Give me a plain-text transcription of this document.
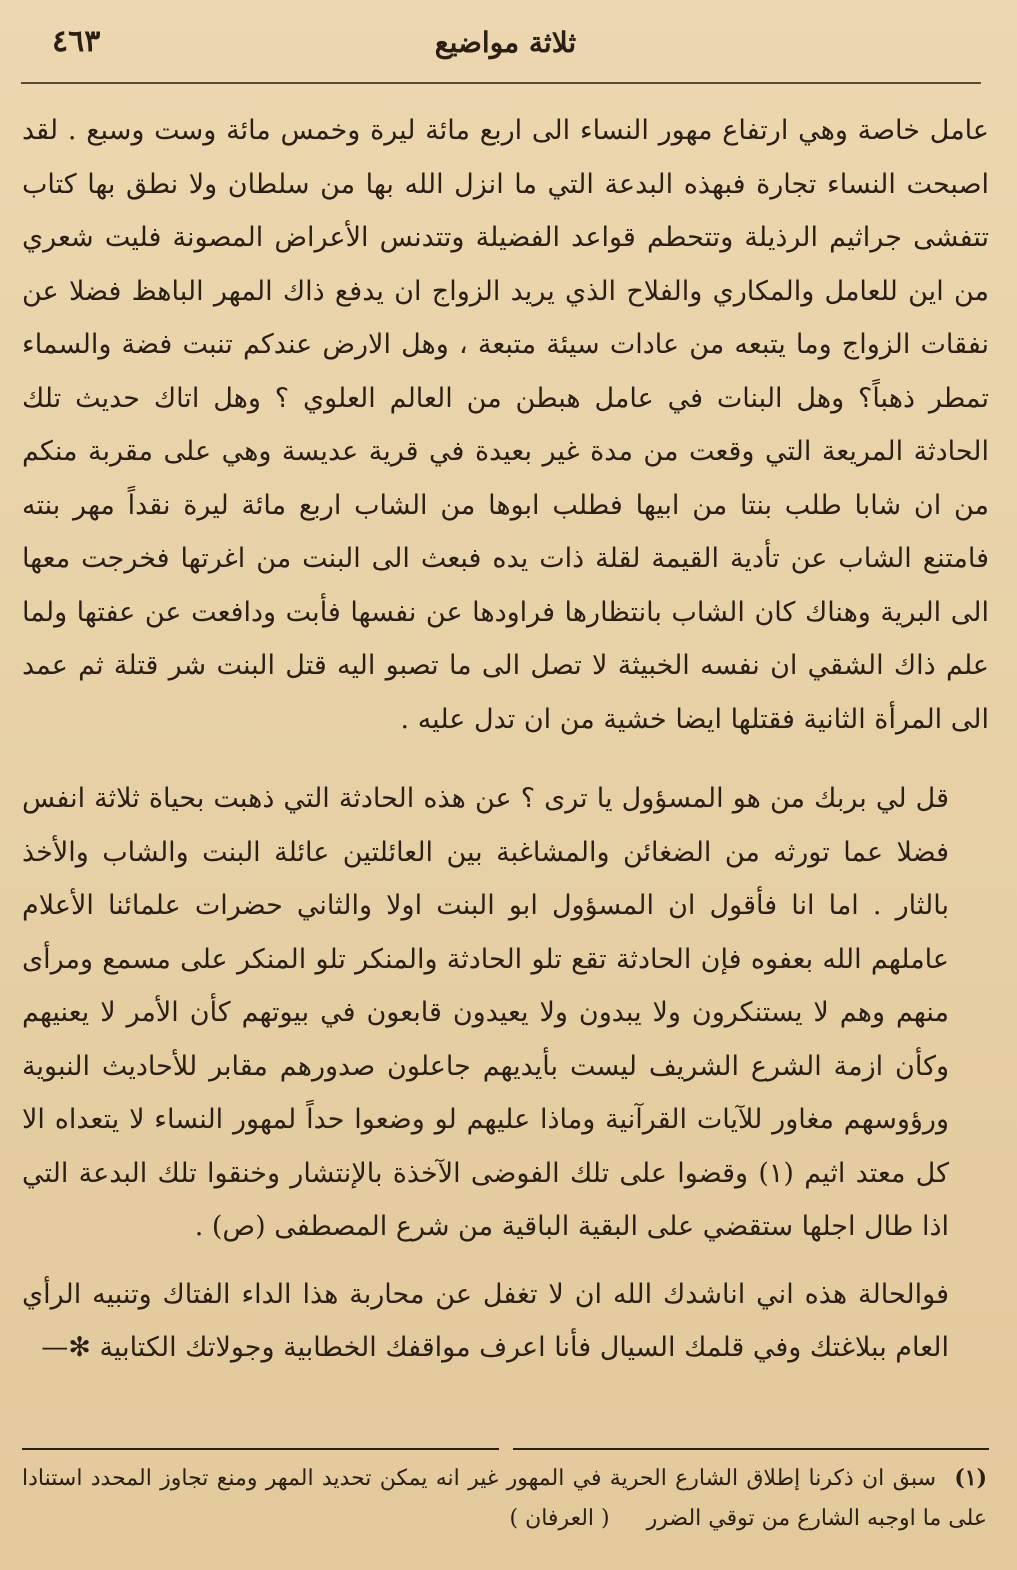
ثلاثة مواضيع
٤٦٣

عامل خاصة وهي ارتفاع مهور النساء الى اربع مائة ليرة وخمس مائة وست وسبع . لقد اصبحت النساء تجارة فبهذه البدعة التي ما انزل الله بها من سلطان ولا نطق بها كتاب تتفشى جراثيم الرذيلة وتتحطم قواعد الفضيلة وتتدنس الأعراض المصونة فليت شعري من اين للعامل والمكاري والفلاح الذي يريد الزواج ان يدفع ذاك المهر الباهظ فضلا عن نفقات الزواج وما يتبعه من عادات سيئة متبعة ، وهل الارض عندكم تنبت فضة والسماء تمطر ذهباً؟ وهل البنات في عامل هبطن من العالم العلوي ؟ وهل اتاك حديث تلك الحادثة المريعة التي وقعت من مدة غير بعيدة في قرية عديسة وهي على مقربة منكم من ان شابا طلب بنتا من ابيها فطلب ابوها من الشاب اربع مائة ليرة نقداً مهر بنته فامتنع الشاب عن تأدية القيمة لقلة ذات يده فبعث الى البنت من اغرتها فخرجت معها الى البرية وهناك كان الشاب بانتظارها فراودها عن نفسها فأبت ودافعت عن عفتها ولما علم ذاك الشقي ان نفسه الخبيثة لا تصل الى ما تصبو اليه قتل البنت شر قتلة ثم عمد الى المرأة الثانية فقتلها ايضا خشية من ان تدل عليه .

قل لي بربك من هو المسؤول يا ترى ؟ عن هذه الحادثة التي ذهبت بحياة ثلاثة انفس فضلا عما تورثه من الضغائن والمشاغبة بين العائلتين عائلة البنت والشاب والأخذ بالثار . اما انا فأقول ان المسؤول ابو البنت اولا والثاني حضرات علمائنا الأعلام عاملهم الله بعفوه فإن الحادثة تقع تلو الحادثة والمنكر تلو المنكر على مسمع ومرأى منهم وهم لا يستنكرون ولا يبدون ولا يعيدون قابعون في بيوتهم كأن الأمر لا يعنيهم وكأن ازمة الشرع الشريف ليست بأيديهم جاعلون صدورهم مقابر للأحاديث النبوية ورؤوسهم مغاور للآيات القرآنية وماذا عليهم لو وضعوا حداً لمهور النساء لا يتعداه الا كل معتد اثيم (١) وقضوا على تلك الفوضى الآخذة بالإنتشار وخنقوا تلك البدعة التي اذا طال اجلها ستقضي على البقية الباقية من شرع المصطفى (ص) .

فوالحالة هذه اني اناشدك الله ان لا تغفل عن محاربة هذا الداء الفتاك وتنبيه الرأي العام ببلاغتك وفي قلمك السيال فأنا اعرف مواقفك الخطابية وجولاتك الكتابية ✻—

(١) سبق ان ذكرنا إطلاق الشارع الحرية في المهور غير انه يمكن تحديد المهر ومنع تجاوز المحدد استنادا على ما اوجبه الشارع من توقي الضرر ( العرفان )
